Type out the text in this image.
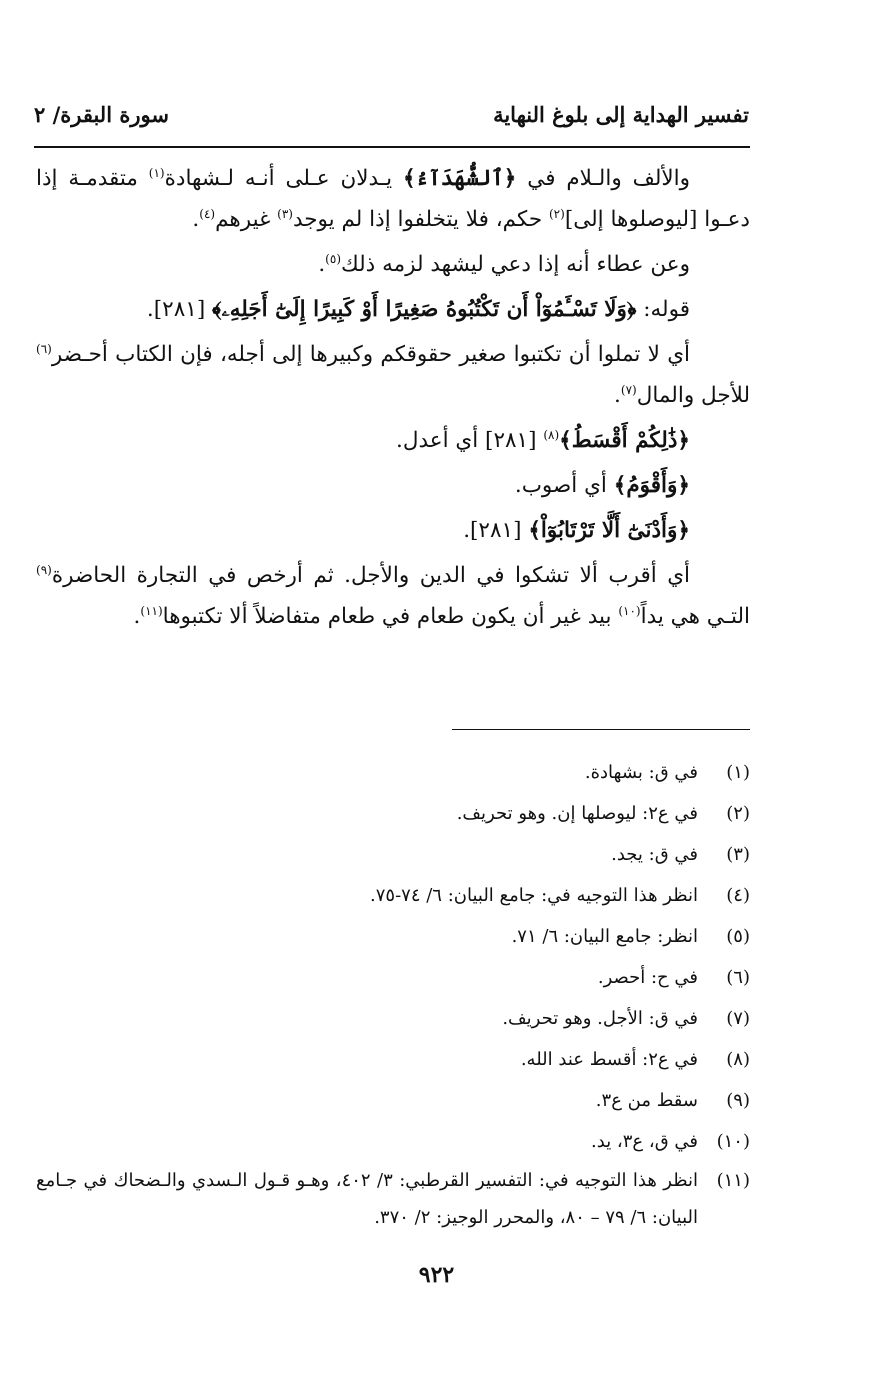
تفسير الهداية إلى بلوغ النهاية
سورة البقرة/ ٢

والألف والـلام في ﴿ٱلشُّهَدَآءُ﴾ يـدلان عـلى أنـه لـشهادة$^{(١)}$ متقدمـة إذا دعـوا [ليوصلوها إلى]$^{(٢)}$ حكم، فلا يتخلفوا إذا لم يوجد$^{(٣)}$ غيرهم$^{(٤)}$.

وعن عطاء أنه إذا دعي ليشهد لزمه ذلك$^{(٥)}$.

قوله: ﴿وَلَا تَسْـَٔمُوٓاْ أَن تَكْتُبُوهُ صَغِيرًا أَوْ كَبِيرًا إِلَىٰٓ أَجَلِهِۦ﴾ [٢٨١].

أي لا تملوا أن تكتبوا صغير حقوقكم وكبيرها إلى أجله، فإن الكتاب أحـضر$^{(٦)}$ للأجل والمال$^{(٧)}$.

﴿ذَٰلِكُمْ أَقْسَطُ﴾$^{(٨)}$ [٢٨١] أي أعدل.

﴿وَأَقْوَمُ﴾ أي أصوب.

﴿وَأَدْنَىٰٓ أَلَّا تَرْتَابُوٓاْ﴾ [٢٨١].

أي أقرب ألا تشكوا في الدين والأجل. ثم أرخص في التجارة الحاضرة$^{(٩)}$ التـي هي يداً$^{(١٠)}$ بيد غير أن يكون طعام في طعام متفاضلاً ألا تكتبوها$^{(١١)}$.

(١)
في ق: بشهادة.
(٢)
في ع٢: ليوصلها إن. وهو تحريف.
(٣)
في ق: يجد.
(٤)
انظر هذا التوجيه في: جامع البيان: ٦/ ٧٤-٧٥.
(٥)
انظر: جامع البيان: ٦/ ٧١.
(٦)
في ح: أحصر.
(٧)
في ق: الأجل. وهو تحريف.
(٨)
في ع٢: أقسط عند الله.
(٩)
سقط من ع٣.
(١٠)
في ق، ع٣، يد.
(١١)
انظر هذا التوجيه في: التفسير القرطبي: ٣/ ٤٠٢، وهـو قـول الـسدي والـضحاك في جـامع البيان: ٦/ ٧٩ – ٨٠، والمحرر الوجيز: ٢/ ٣٧٠.
٩٢٢
